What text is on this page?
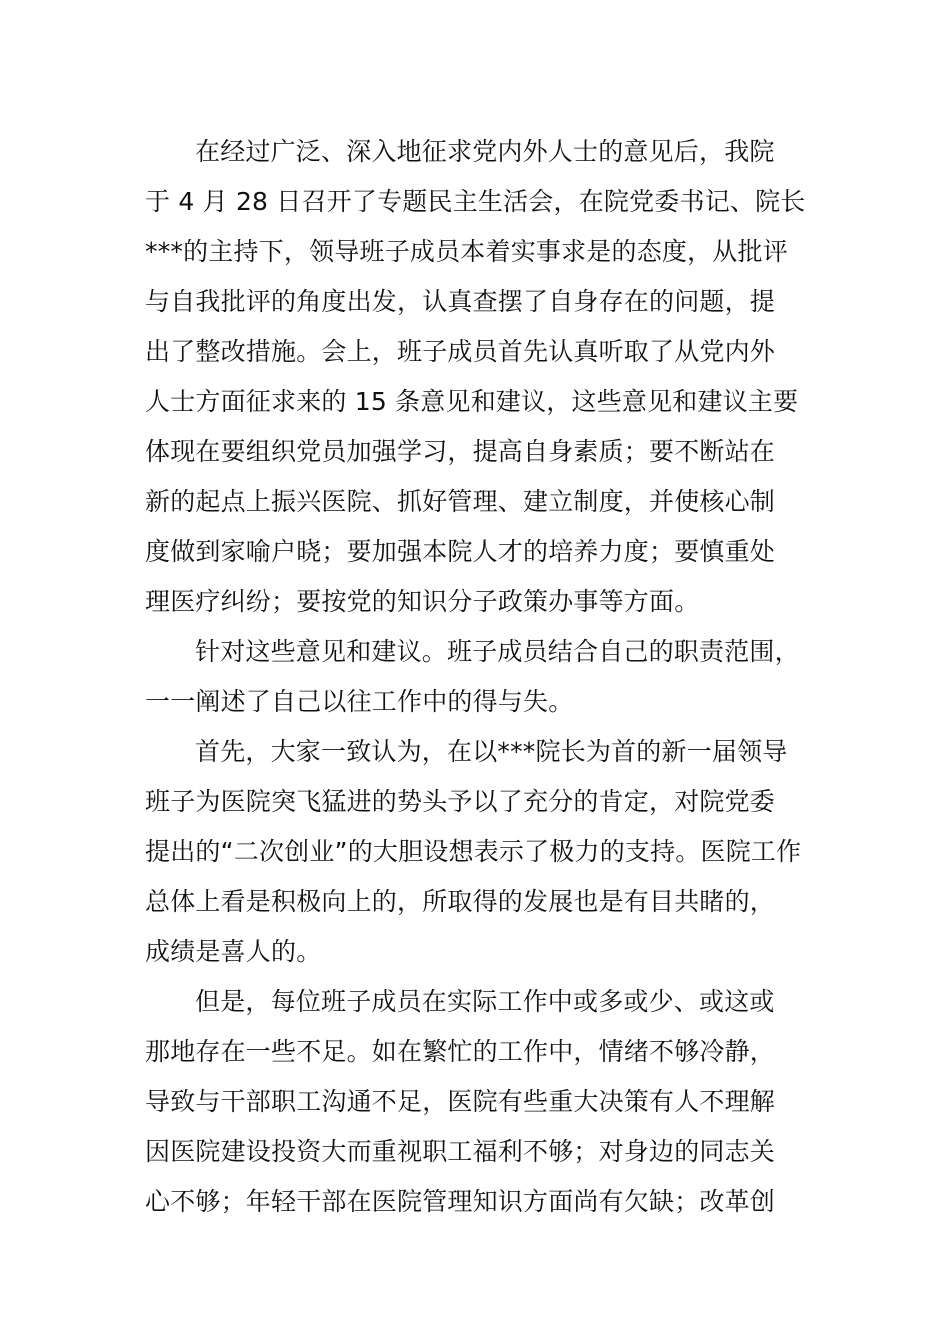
在经过广泛、深入地征求党内外人士的意见后，我院
于 4 月 28 日召开了专题民主生活会，在院党委书记、院长
***的主持下，领导班子成员本着实事求是的态度，从批评
与自我批评的角度出发，认真查摆了自身存在的问题，提
出了整改措施。会上，班子成员首先认真听取了从党内外
人士方面征求来的 15 条意见和建议，这些意见和建议主要
体现在要组织党员加强学习，提高自身素质；要不断站在
新的起点上振兴医院、抓好管理、建立制度，并使核心制
度做到家喻户晓；要加强本院人才的培养力度；要慎重处
理医疗纠纷；要按党的知识分子政策办事等方面。
针对这些意见和建议。班子成员结合自己的职责范围，
一一阐述了自己以往工作中的得与失。
首先，大家一致认为，在以***院长为首的新一届领导
班子为医院突飞猛进的势头予以了充分的肯定，对院党委
提出的“二次创业”的大胆设想表示了极力的支持。医院工作
总体上看是积极向上的，所取得的发展也是有目共睹的，
成绩是喜人的。
但是，每位班子成员在实际工作中或多或少、或这或
那地存在一些不足。如在繁忙的工作中，情绪不够冷静，
导致与干部职工沟通不足，医院有些重大决策有人不理解
因医院建设投资大而重视职工福利不够；对身边的同志关
心不够；年轻干部在医院管理知识方面尚有欠缺；改革创
